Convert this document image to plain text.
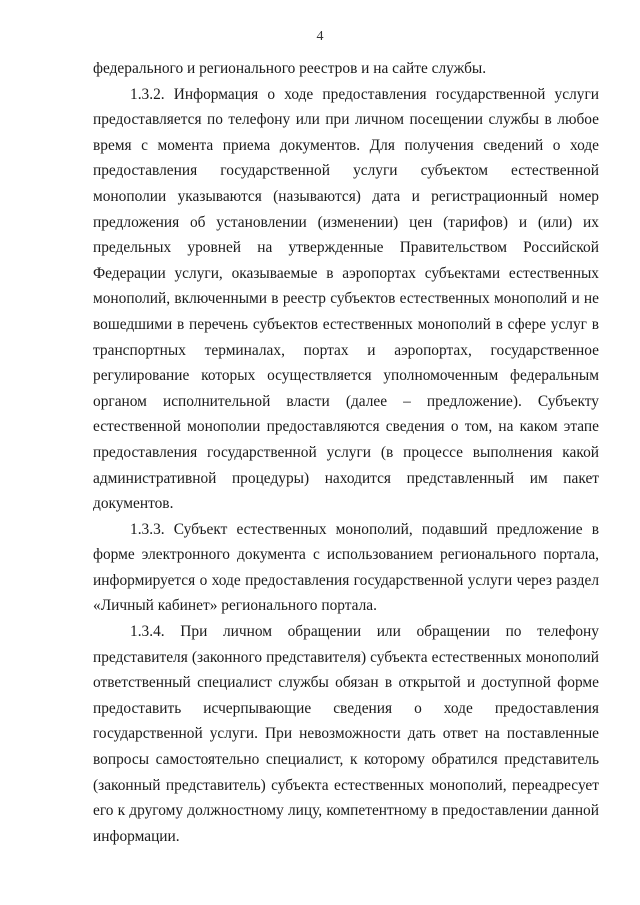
4

федерального и регионального реестров и на сайте службы.

1.3.2. Информация о ходе предоставления государственной услуги предоставляется по телефону или при личном посещении службы в любое время с момента приема документов. Для получения сведений о ходе предоставления государственной услуги субъектом естественной монополии указываются (называются) дата и регистрационный номер предложения об установлении (изменении) цен (тарифов) и (или) их предельных уровней на утвержденные Правительством Российской Федерации услуги, оказываемые в аэропортах субъектами естественных монополий, включенными в реестр субъектов естественных монополий и не вошедшими в перечень субъектов естественных монополий в сфере услуг в транспортных терминалах, портах и аэропортах, государственное регулирование которых осуществляется уполномоченным федеральным органом исполнительной власти (далее – предложение). Субъекту естественной монополии предоставляются сведения о том, на каком этапе предоставления государственной услуги (в процессе выполнения какой административной процедуры) находится представленный им пакет документов.

1.3.3. Субъект естественных монополий, подавший предложение в форме электронного документа с использованием регионального портала, информируется о ходе предоставления государственной услуги через раздел «Личный кабинет» регионального портала.

1.3.4. При личном обращении или обращении по телефону представителя (законного представителя) субъекта естественных монополий ответственный специалист службы обязан в открытой и доступной форме предоставить исчерпывающие сведения о ходе предоставления государственной услуги. При невозможности дать ответ на поставленные вопросы самостоятельно специалист, к которому обратился представитель (законный представитель) субъекта естественных монополий, переадресует его к другому должностному лицу, компетентному в предоставлении данной информации.
